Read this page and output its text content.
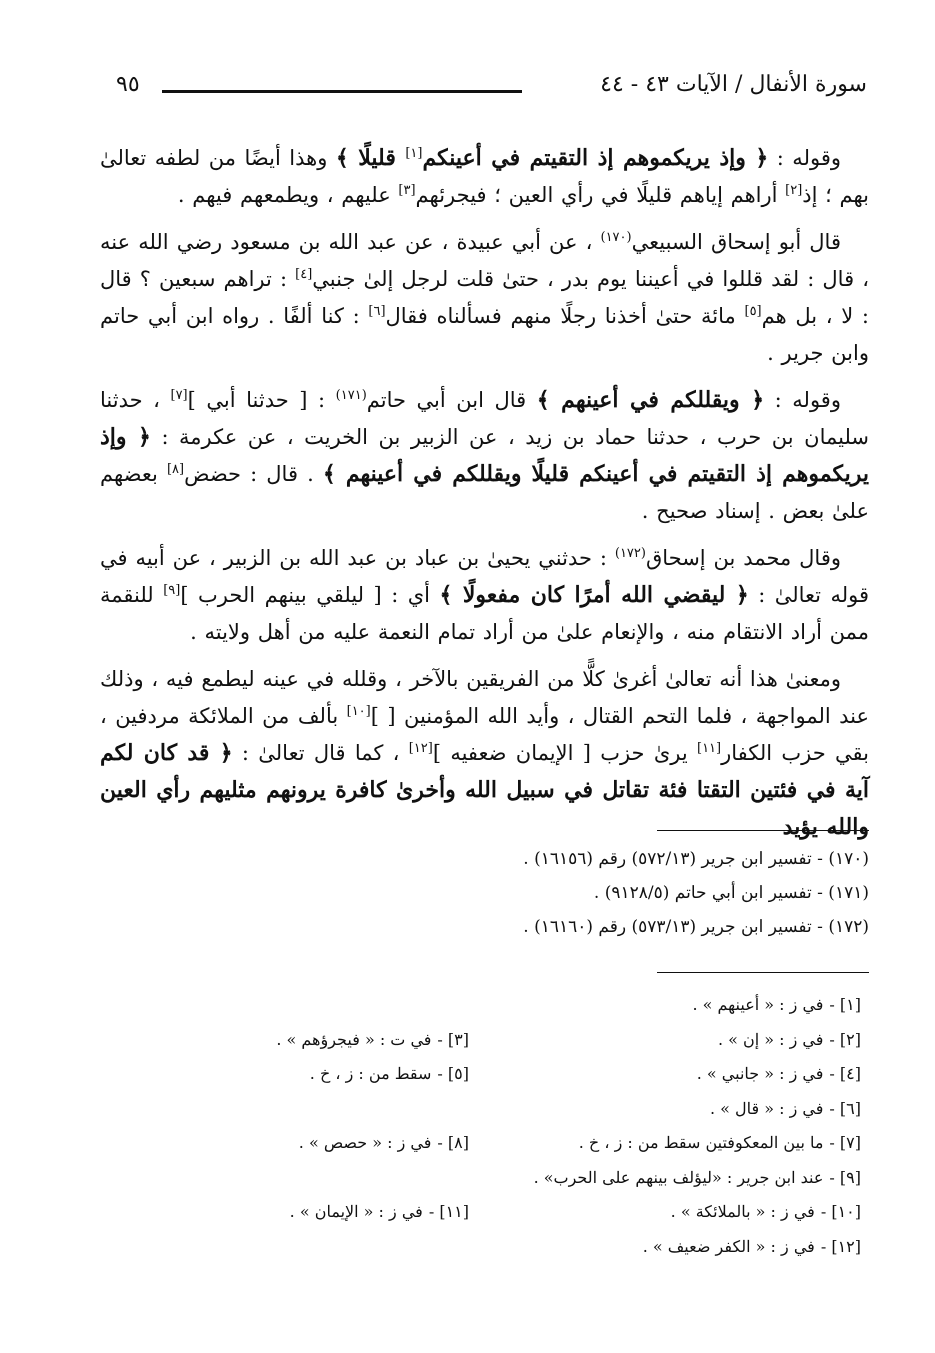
سورة الأنفال / الآيات ٤٣ - ٤٤
٩٥

وقوله : ﴿ وإذ يريكموهم إذ التقيتم في أعينكم[١] قليلًا ﴾ وهذا أيضًا من لطفه تعالىٰ بهم ؛ إذ[٢] أراهم إياهم قليلًا في رأي العين ؛ فيجرئهم[٣] عليهم ، ويطمعهم فيهم .

قال أبو إسحاق السبيعي$^{(١٧٠)}$ ، عن أبي عبيدة ، عن عبد الله بن مسعود رضي الله عنه ، قال : لقد قللوا في أعيننا يوم بدر ، حتىٰ قلت لرجل إلىٰ جنبي[٤] : تراهم سبعين ؟ قال : لا ، بل هم[٥] مائة حتىٰ أخذنا رجلًا منهم فسألناه فقال[٦] : كنا ألفًا . رواه ابن أبي حاتم وابن جرير .

وقوله : ﴿ ويقللكم في أعينهم ﴾ قال ابن أبي حاتم$^{(١٧١)}$ : [ حدثنا أبي ][٧] ، حدثنا سليمان بن حرب ، حدثنا حماد بن زيد ، عن الزبير بن الخريت ، عن عكرمة : ﴿ وإذ يريكموهم إذ التقيتم في أعينكم قليلًا ويقللكم في أعينهم ﴾ . قال : حضض[٨] بعضهم علىٰ بعض . إسناد صحيح .

وقال محمد بن إسحاق$^{(١٧٢)}$ : حدثني يحيىٰ بن عباد بن عبد الله بن الزبير ، عن أبيه في قوله تعالىٰ : ﴿ ليقضي الله أمرًا كان مفعولًا ﴾ أي : [ ليلقي بينهم الحرب ][٩] للنقمة ممن أراد الانتقام منه ، والإنعام علىٰ من أراد تمام النعمة عليه من أهل ولايته .

ومعنىٰ هذا أنه تعالىٰ أغرىٰ كلًّا من الفريقين بالآخر ، وقلله في عينه ليطمع فيه ، وذلك عند المواجهة ، فلما التحم القتال ، وأيد الله المؤمنين [ ][١٠] بألف من الملائكة مردفين ، بقي حزب الكفار[١١] يرىٰ حزب [ الإيمان ضعفيه ][١٢] ، كما قال تعالىٰ : ﴿ قد كان لكم آية في فئتين التقتا فئة تقاتل في سبيل الله وأخرىٰ كافرة يرونهم مثليهم رأي العين والله يؤيد

(١٧٠) - تفسير ابن جرير (٥٧٢/١٣) رقم (١٦١٥٦) .
(١٧١) - تفسير ابن أبي حاتم (٩١٢٨/٥) .
(١٧٢) - تفسير ابن جرير (٥٧٣/١٣) رقم (١٦١٦٠) .
[١] -في ز : « أعينهم » .
[٢] -في ز : « إن » .
[٣] -في ت : « فيجرؤهم » .
[٤] -في ز : « جانبي » .
[٥] -سقط من : ز ، خ .
[٦] -في ز : « قال » .
[٧] -ما بين المعكوفتين سقط من : ز ، خ .
[٨] -في ز : « حصص » .
[٩] -عند ابن جرير : «ليؤلف بينهم على الحرب» .
[١٠] -في ز : « بالملائكة » .
[١١] -في ز : « الإيمان » .
[١٢] -في ز : « الكفر ضعيف » .
